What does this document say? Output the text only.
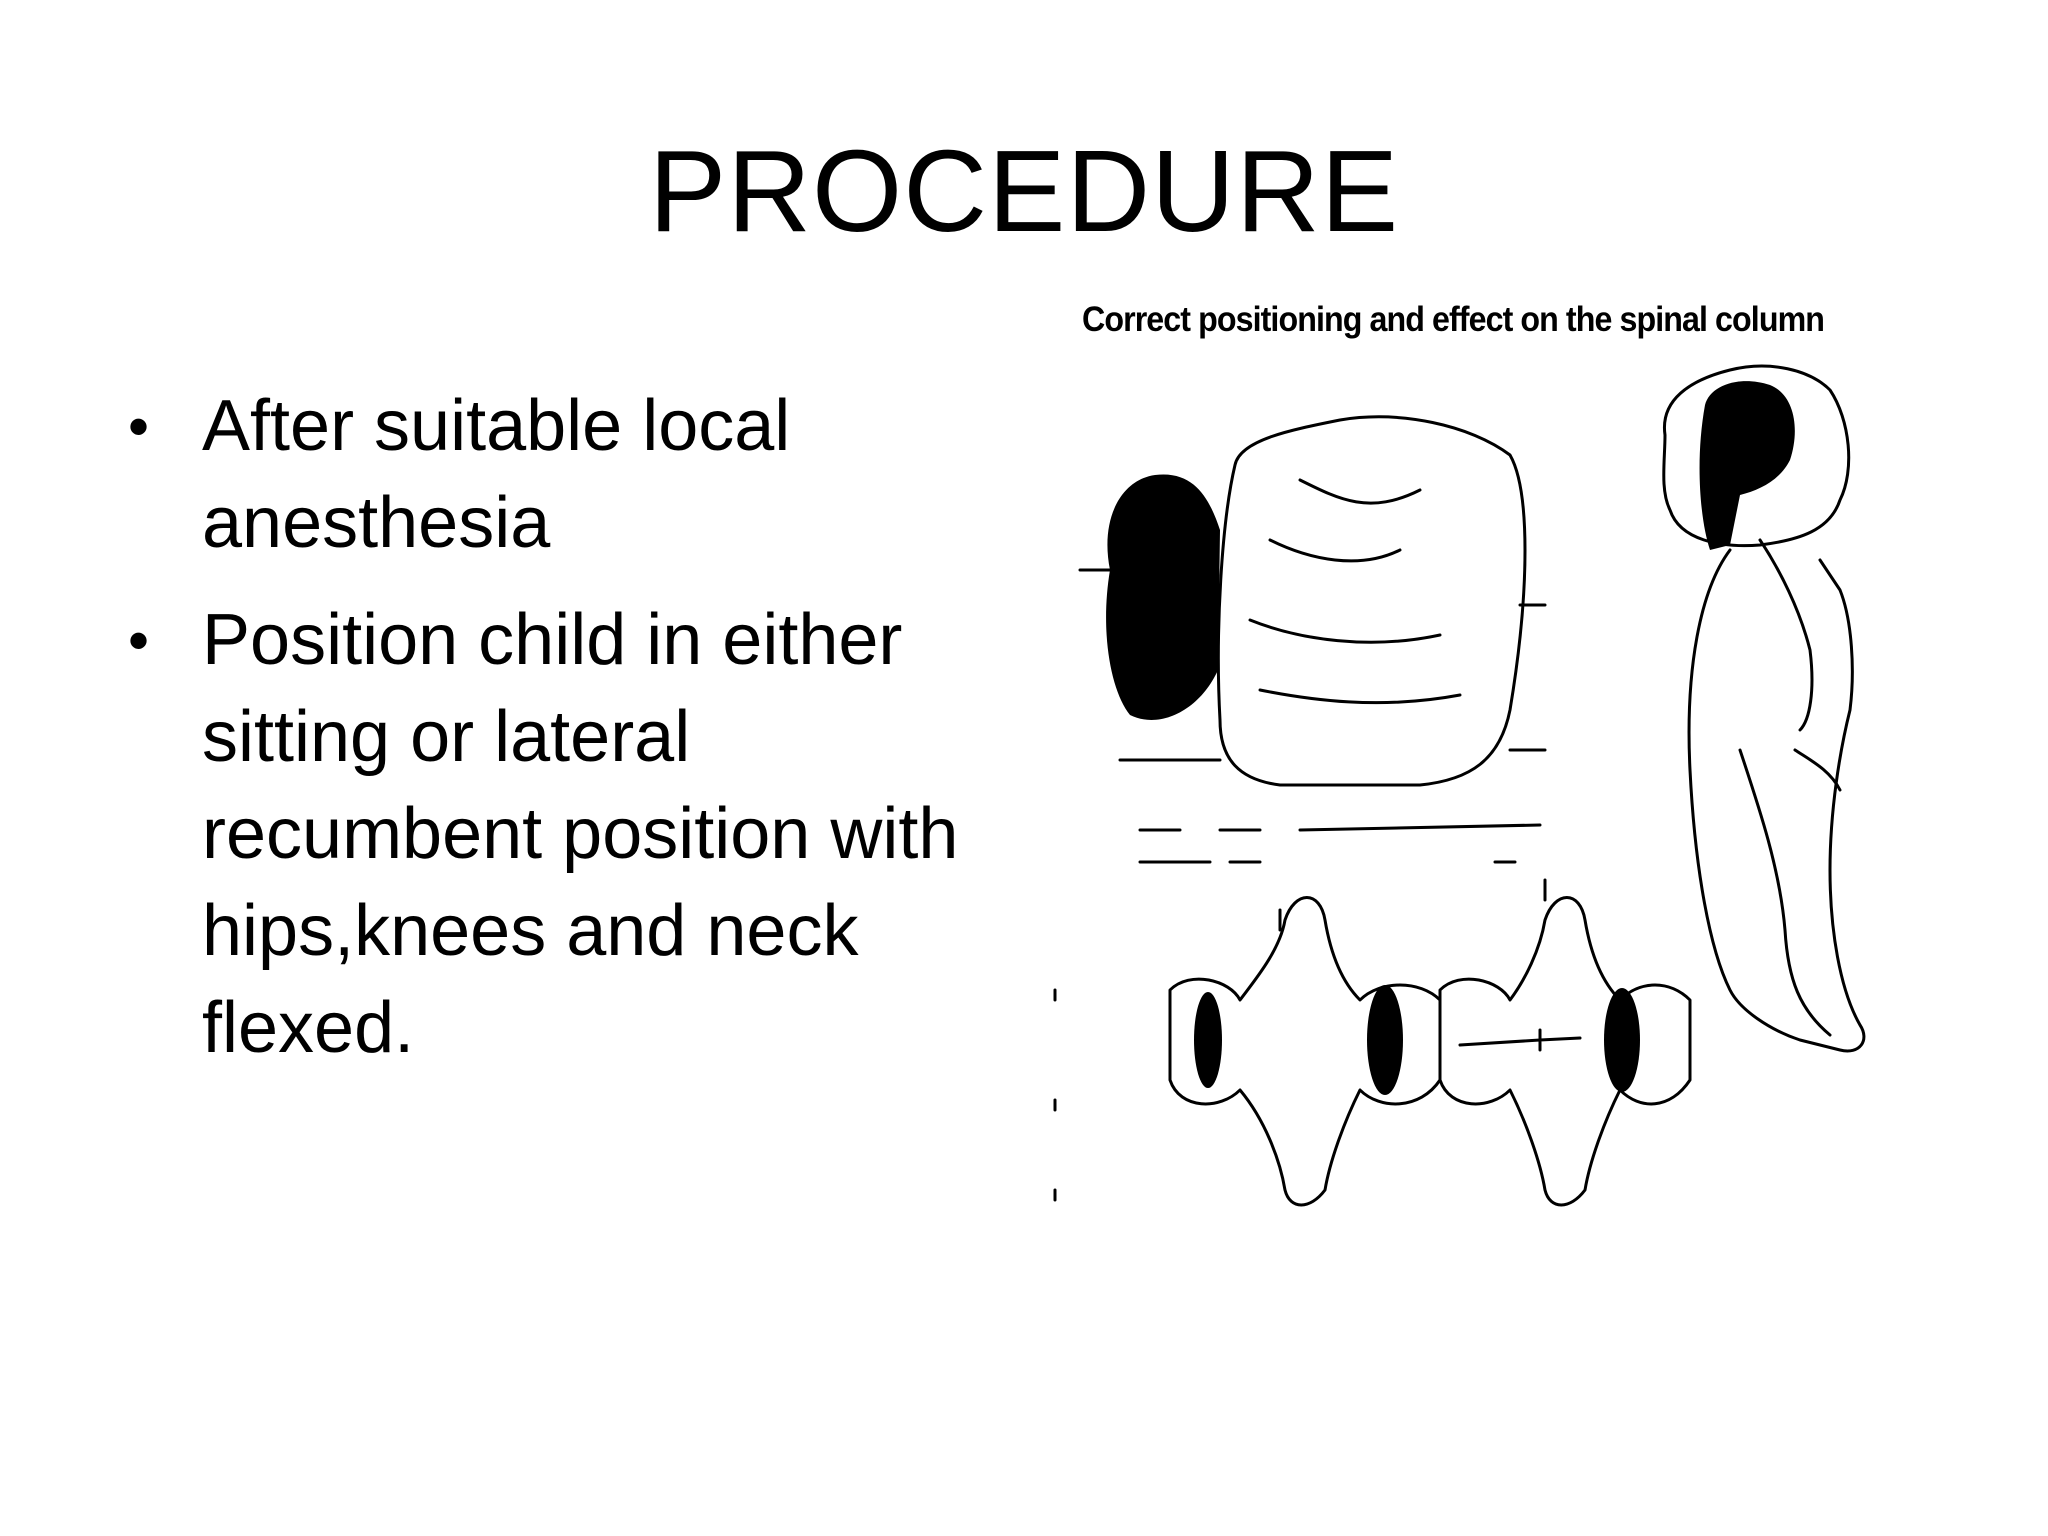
PROCEDURE
• After suitable local anesthesia
• Position child in either sitting or lateral recumbent position with hips,knees and neck flexed.
Correct positioning and effect on the spinal column
